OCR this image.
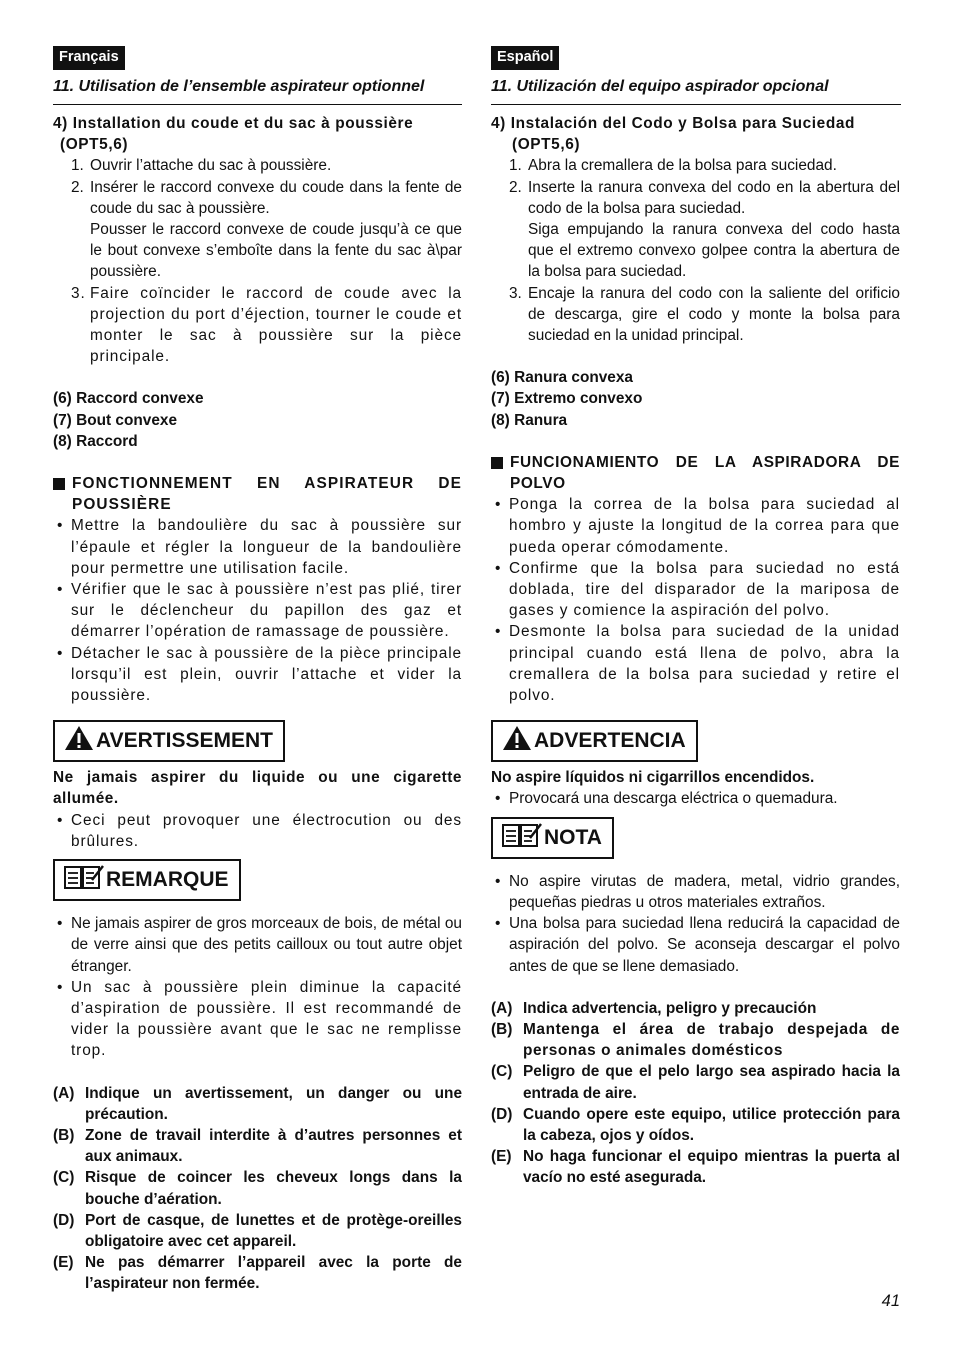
Français
11. Utilisation de l’ensemble aspirateur optionnel
4) Installation du coude et du sac à poussière
(OPT5,6)
1. Ouvrir l’attache du sac à poussière.
2. Insérer le raccord convexe du coude dans la fente de coude du sac à poussière.
Pousser le raccord convexe de coude jusqu’à ce que le bout convexe s’emboîte dans la fente du sac à\par poussière.
3. Faire coïncider le raccord de coude avec la projection du port d’éjection, tourner le coude et monter le sac à poussière sur la pièce principale.
(6) Raccord convexe
(7) Bout convexe
(8) Raccord
FONCTIONNEMENT EN ASPIRATEUR DE POUSSIÈRE
• Mettre la bandoulière du sac à poussière sur l’épaule et régler la longueur de la bandoulière pour permettre une utilisation facile.
• Vérifier que le sac à poussière n’est pas plié, tirer sur le déclencheur du papillon des gaz et démarrer l’opération de ramassage de poussière.
• Détacher le sac à poussière de la pièce principale lorsqu’il est plein, ouvrir l’attache et vider la poussière.
AVERTISSEMENT
Ne jamais aspirer du liquide ou une cigarette allumée.
• Ceci peut provoquer une électrocution ou des brûlures.
REMARQUE
• Ne jamais aspirer de gros morceaux de bois, de métal ou de verre ainsi que des petits cailloux ou tout autre objet étranger.
• Un sac à poussière plein diminue la capacité d’aspiration de poussière. Il est recommandé de vider la poussière avant que le sac ne remplisse trop.
(A) Indique un avertissement, un danger ou une précaution.
(B) Zone de travail interdite à d’autres personnes et aux animaux.
(C) Risque de coincer les cheveux longs dans la bouche d’aération.
(D) Port de casque, de lunettes et de protège-oreilles obligatoire avec cet appareil.
(E) Ne pas démarrer l’appareil avec la porte de l’aspirateur non fermée.
Español
11. Utilización del equipo aspirador opcional
4) Instalación del Codo y Bolsa para Suciedad
(OPT5,6)
1. Abra la cremallera de la bolsa para suciedad.
2. Inserte la ranura convexa del codo en la abertura del codo de la bolsa para suciedad.
Siga empujando la ranura convexa del codo hasta que el extremo convexo golpee contra la abertura de la bolsa para suciedad.
3. Encaje la ranura del codo con la saliente del orificio de descarga, gire el codo y monte la bolsa para suciedad en la unidad principal.
(6) Ranura convexa
(7) Extremo convexo
(8) Ranura
FUNCIONAMIENTO DE LA ASPIRADORA DE POLVO
• Ponga la correa de la bolsa para suciedad al hombro y ajuste la longitud de la correa para que pueda operar cómodamente.
• Confirme que la bolsa para suciedad no está doblada, tire del disparador de la mariposa de gases y comience la aspiración del polvo.
• Desmonte la bolsa para suciedad de la unidad principal cuando está llena de polvo, abra la cremallera de la bolsa para suciedad y retire el polvo.
ADVERTENCIA
No aspire líquidos ni cigarrillos encendidos.
• Provocará una descarga eléctrica o quemadura.
NOTA
• No aspire virutas de madera, metal, vidrio grandes, pequeñas piedras u otros materiales extraños.
• Una bolsa para suciedad llena reducirá la capacidad de aspiración del polvo. Se aconseja descargar el polvo antes de que se llene demasiado.
(A) Indica advertencia, peligro y precaución
(B) Mantenga el área de trabajo despejada de personas o animales domésticos
(C) Peligro de que el pelo largo sea aspirado hacia la entrada de aire.
(D) Cuando opere este equipo, utilice protección para la cabeza, ojos y oídos.
(E) No haga funcionar el equipo mientras la puerta al vacío no esté asegurada.
41
